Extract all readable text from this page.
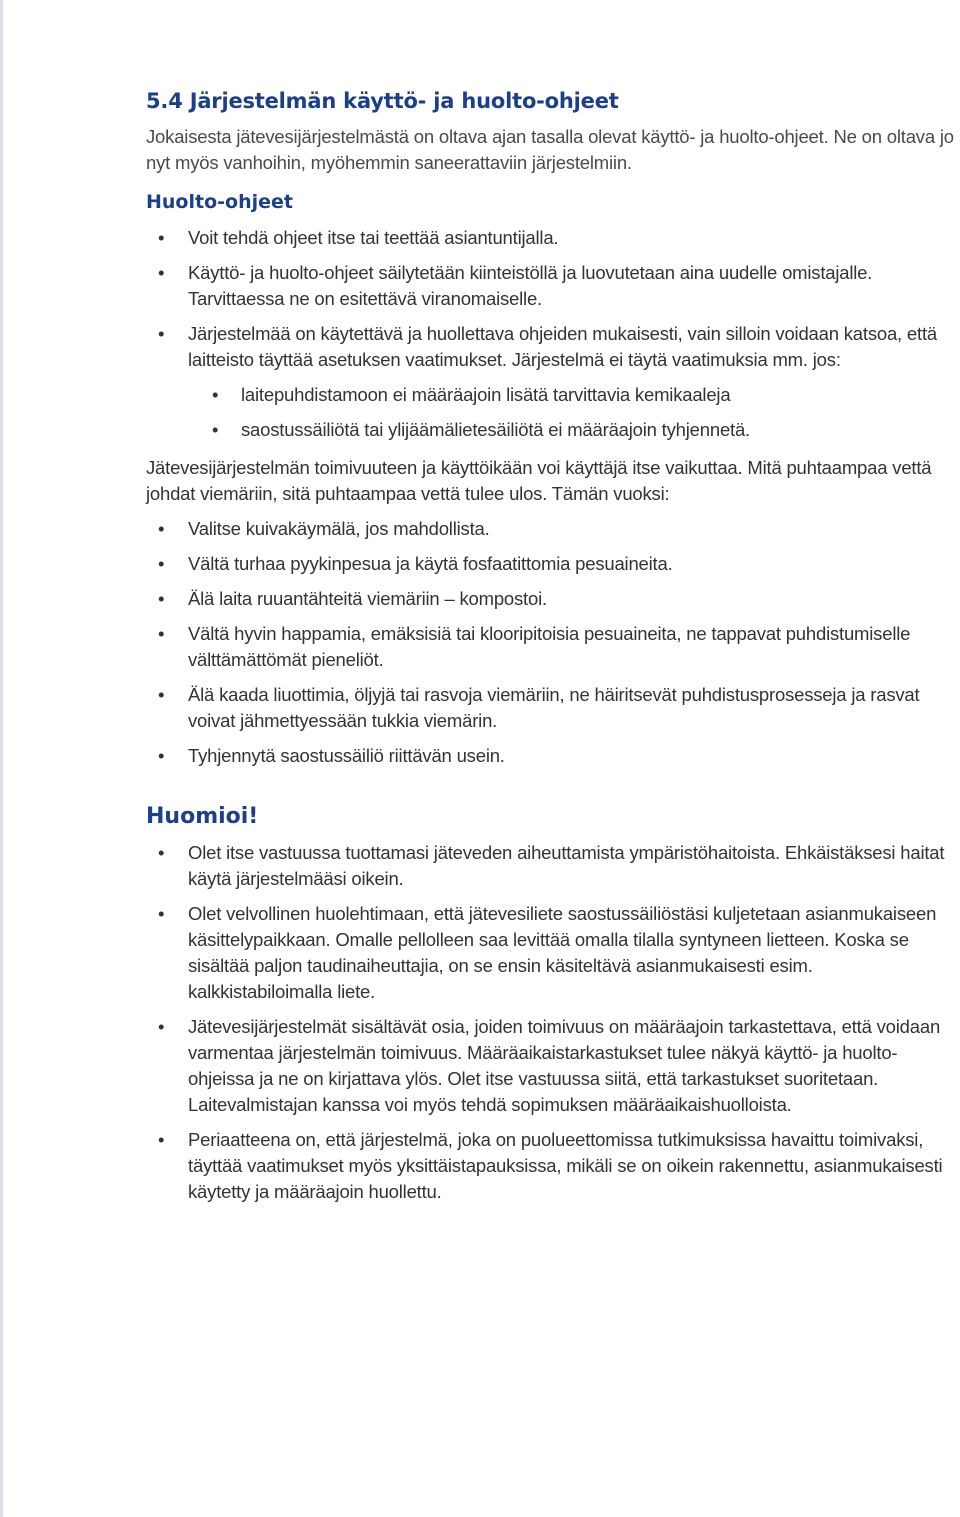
5.4 Järjestelmän käyttö- ja huolto-ohjeet

Jokaisesta jätevesijärjestelmästä on oltava ajan tasalla olevat käyttö- ja huolto-ohjeet. Ne on oltava jo nyt myös vanhoihin, myöhemmin saneerattaviin järjestelmiin.

Huolto-ohjeet
• Voit tehdä ohjeet itse tai teettää asiantuntijalla.
• Käyttö- ja huolto-ohjeet säilytetään kiinteistöllä ja luovutetaan aina uudelle omistajalle. Tarvittaessa ne on esitettävä viranomaiselle.
• Järjestelmää on käytettävä ja huollettava ohjeiden mukaisesti, vain silloin voidaan katsoa, että laitteisto täyttää asetuksen vaatimukset. Järjestelmä ei täytä vaatimuksia mm. jos:
• laitepuhdistamoon ei määräajoin lisätä tarvittavia kemikaaleja
• saostussäiliötä tai ylijäämälietesäiliötä ei määräajoin tyhjennetä.

Jätevesijärjestelmän toimivuuteen ja käyttöikään voi käyttäjä itse vaikuttaa. Mitä puhtaampaa vettä johdat viemäriin, sitä puhtaampaa vettä tulee ulos. Tämän vuoksi:

• Valitse kuivakäymälä, jos mahdollista.
• Vältä turhaa pyykinpesua ja käytä fosfaatittomia pesuaineita.
• Älä laita ruuantähteitä viemäriin – kompostoi.
• Vältä hyvin happamia, emäksisiä tai klooripitoisia pesuaineita, ne tappavat puhdistumiselle välttämättömät pieneliöt.
• Älä kaada liuottimia, öljyjä tai rasvoja viemäriin, ne häiritsevät puhdistusprosesseja ja rasvat voivat jähmettyessään tukkia viemärin.
• Tyhjennytä saostussäiliö riittävän usein.
Huomioi!
• Olet itse vastuussa tuottamasi jäteveden aiheuttamista ympäristöhaitoista. Ehkäistäksesi haitat käytä järjestelmääsi oikein.
• Olet velvollinen huolehtimaan, että jätevesiliete saostussäiliöstäsi kuljetetaan asianmukaiseen käsittelypaikkaan. Omalle pellolleen saa levittää omalla tilalla syntyneen lietteen. Koska se sisältää paljon taudinaiheuttajia, on se ensin käsiteltävä asianmukaisesti esim. kalkkistabiloimalla liete.
• Jätevesijärjestelmät sisältävät osia, joiden toimivuus on määräajoin tarkastettava, että voidaan varmentaa järjestelmän toimivuus. Määräaikaistarkastukset tulee näkyä käyttö- ja huolto-ohjeissa ja ne on kirjattava ylös. Olet itse vastuussa siitä, että tarkastukset suoritetaan. Laitevalmistajan kanssa voi myös tehdä sopimuksen määräaikaishuolloista.
• Periaatteena on, että järjestelmä, joka on puolueettomissa tutkimuksissa havaittu toimivaksi, täyttää vaatimukset myös yksittäistapauksissa, mikäli se on oikein rakennettu, asianmukaisesti käytetty ja määräajoin huollettu.
